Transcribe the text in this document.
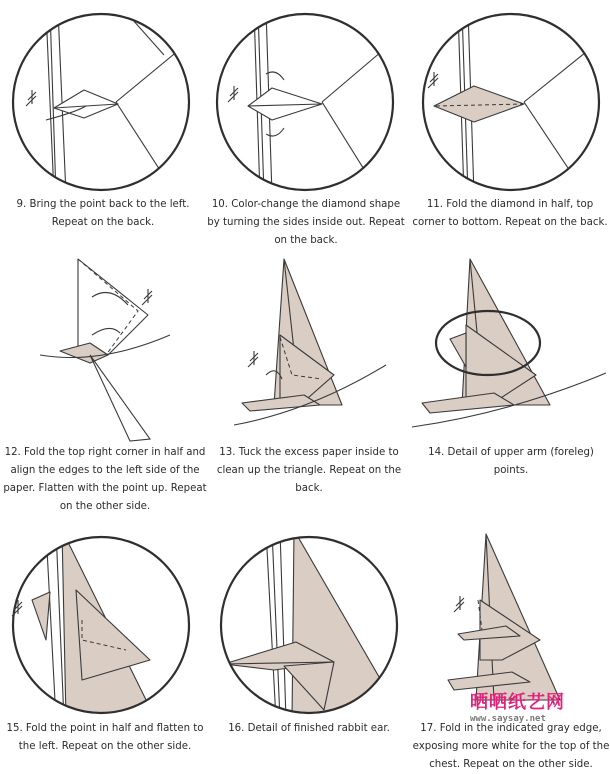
9. Bring the point back to the left. Repeat on the back.
10. Color-change the diamond shape by turning the sides inside out. Repeat on the back.
11. Fold the diamond in half, top corner to bottom. Repeat on the back.
12. Fold the top right corner in half and align the edges to the left side of the paper. Flatten with the point up. Repeat on the other side.
13. Tuck the excess paper inside to clean up the triangle. Repeat on the back.
14. Detail of upper arm (foreleg) points.
15. Fold the point in half and flatten to the left. Repeat on the other side.
16. Detail of finished rabbit ear.	17. Fold in the indicated gray edge, exposing more white for the top of the chest. Repeat on the other side.
晒晒纸艺网
www.saysay.net
